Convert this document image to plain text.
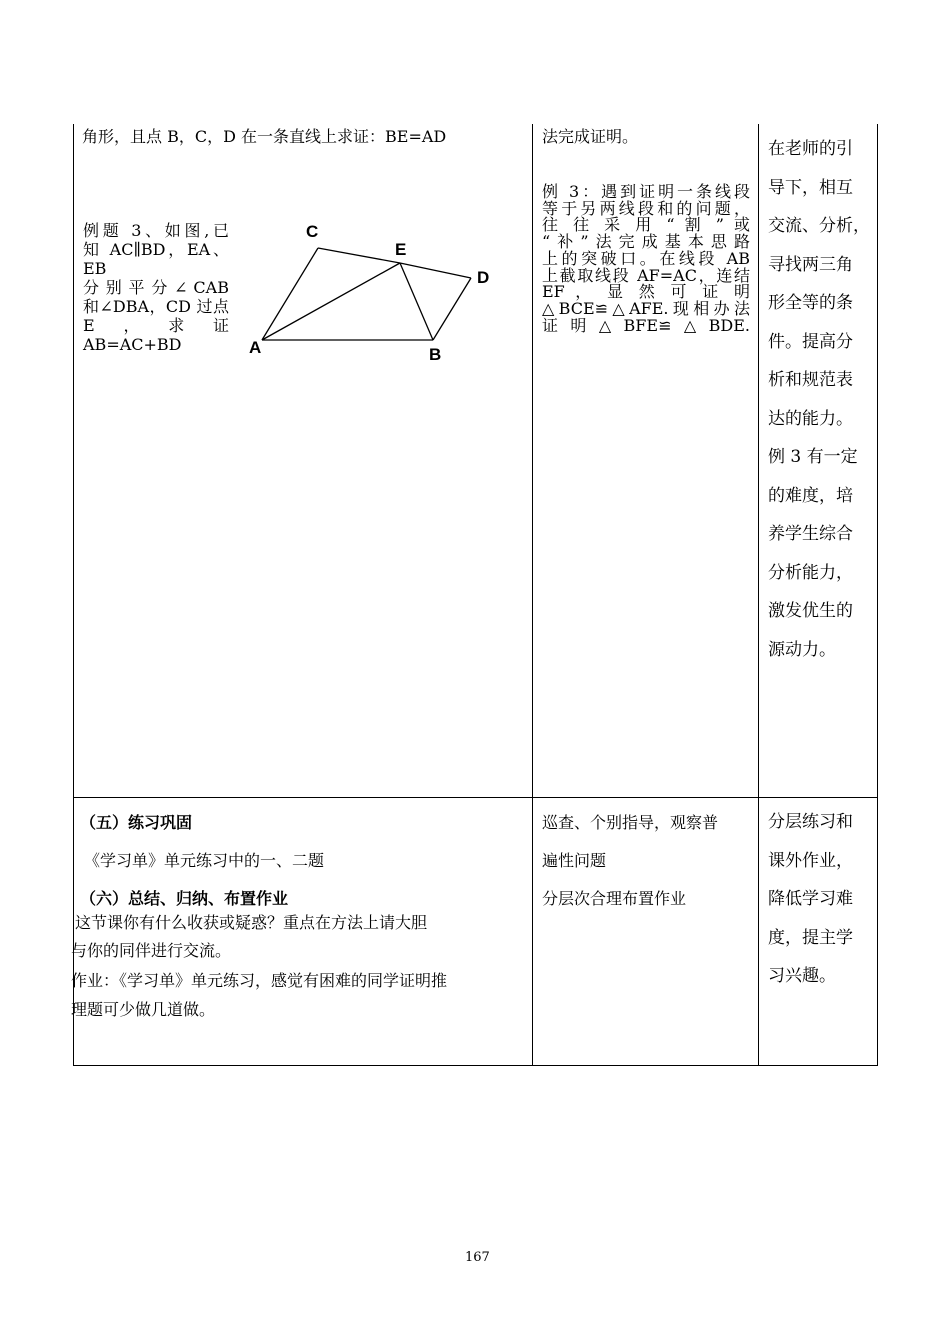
角形，且点 B，C，D 在一条直线上求证：BE=AD
例题 3、如图,已
知 AC∥BD，EA、EB
分 别 平 分 ∠ CAB
和∠DBA，CD 过点
E，求证 AB=AC+BD
C
E
D
A	B
法完成证明。
例 3：遇到证明一条线段
等于另两线段和的问题，
往 往 采 用 “ 割 ” 或
“补”法完成基本思路
上的突破口。在线段 AB
上截取线段 AF=AC，连结
EF ， 显 然 可 证 明
△BCE≌△AFE.现相办法
证明△BFE≌△BDE.
在老师的引
导下，相互
交流、分析，
寻找两三角
形全等的条
件。提高分
析和规范表
达的能力。
例 3 有一定
的难度，培
养学生综合
分析能力，
激发优生的
源动力。
（五）练习巩固
《学习单》单元练习中的一、二题
（六）总结、归纳、布置作业
这节课你有什么收获或疑惑？重点在方法上请大胆
与你的同伴进行交流。
作业：《学习单》单元练习，感觉有困难的同学证明推
理题可少做几道做。
巡查、个别指导，观察普
遍性问题
分层次合理布置作业
分层练习和
课外作业，
降低学习难
度，提主学
习兴趣。
167
